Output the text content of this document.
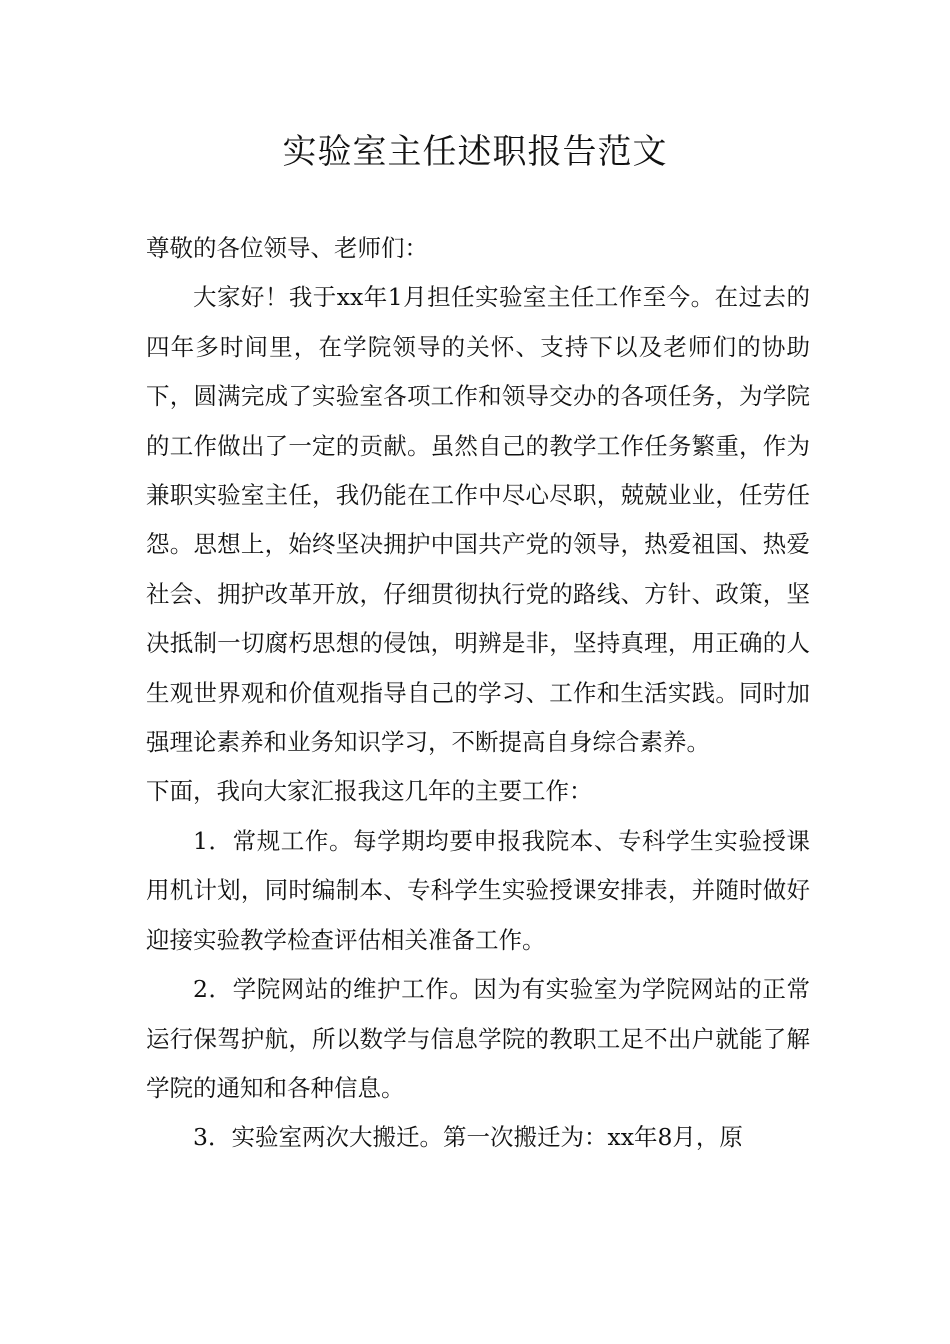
实验室主任述职报告范文

尊敬的各位领导、老师们：

大家好！我于xx年1月担任实验室主任工作至今。在过去的四年多时间里，在学院领导的关怀、支持下以及老师们的协助下，圆满完成了实验室各项工作和领导交办的各项任务，为学院的工作做出了一定的贡献。虽然自己的教学工作任务繁重，作为兼职实验室主任，我仍能在工作中尽心尽职，兢兢业业，任劳任怨。思想上，始终坚决拥护中国共产党的领导，热爱祖国、热爱社会、拥护改革开放，仔细贯彻执行党的路线、方针、政策，坚决抵制一切腐朽思想的侵蚀，明辨是非，坚持真理，用正确的人生观世界观和价值观指导自己的学习、工作和生活实践。同时加强理论素养和业务知识学习，不断提高自身综合素养。

下面，我向大家汇报我这几年的主要工作：

1．常规工作。每学期均要申报我院本、专科学生实验授课用机计划，同时编制本、专科学生实验授课安排表，并随时做好迎接实验教学检查评估相关准备工作。

2．学院网站的维护工作。因为有实验室为学院网站的正常运行保驾护航，所以数学与信息学院的教职工足不出户就能了解学院的通知和各种信息。

3．实验室两次大搬迁。第一次搬迁为：xx年8月，原
